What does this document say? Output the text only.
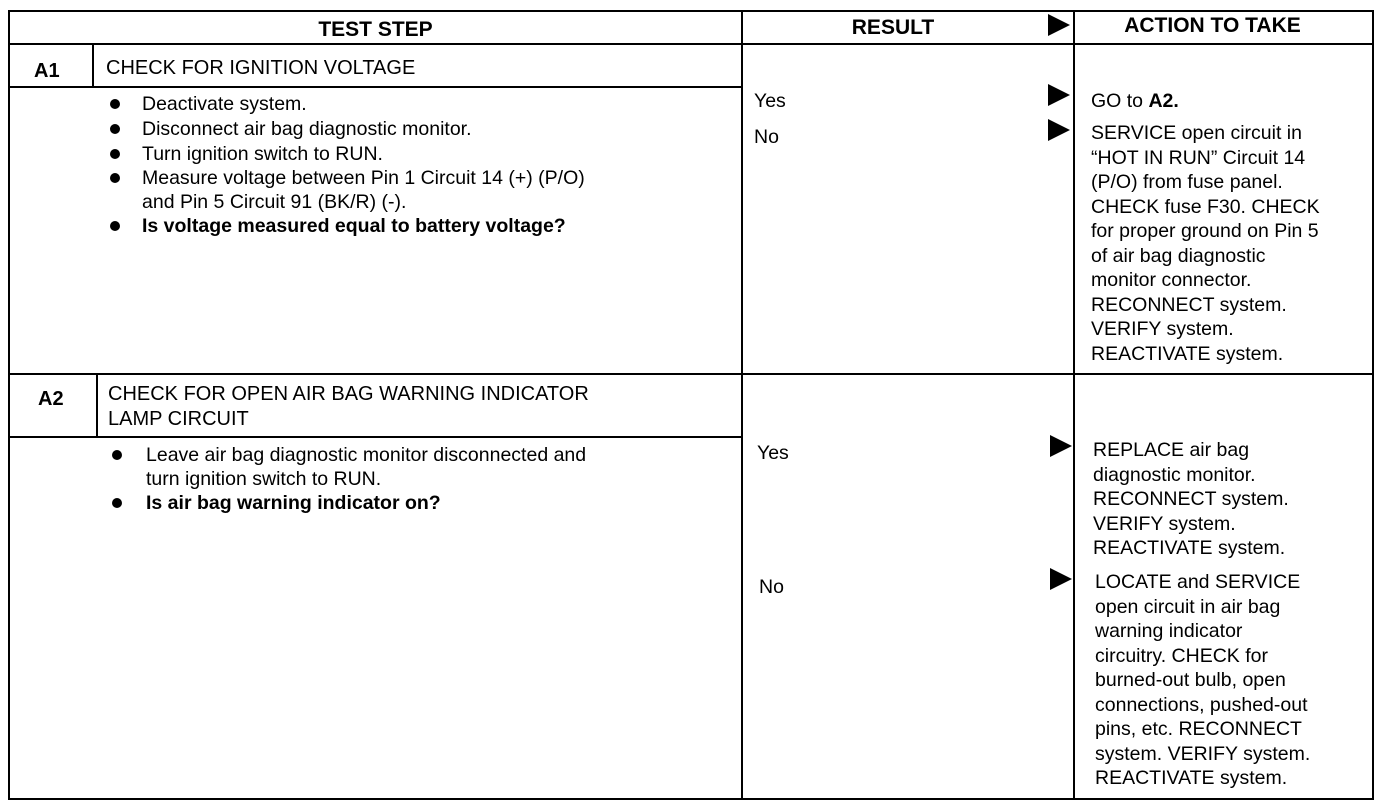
TEST STEP	RESULT	ACTION TO TAKE
A1 CHECK FOR IGNITION VOLTAGE
Deactivate system.
Disconnect air bag diagnostic monitor.
Turn ignition switch to RUN.
Measure voltage between Pin 1 Circuit 14 (+) (P/O)
and Pin 5 Circuit 91 (BK/R) (-).
Is voltage measured equal to battery voltage?
Yes	GO to A2.
No	SERVICE open circuit in
“HOT IN RUN” Circuit 14
(P/O) from fuse panel.
CHECK fuse F30. CHECK
for proper ground on Pin 5
of air bag diagnostic
monitor connector.
RECONNECT system.
VERIFY system.
REACTIVATE system.
A2 CHECK FOR OPEN AIR BAG WARNING INDICATOR
LAMP CIRCUIT
Leave air bag diagnostic monitor disconnected and
turn ignition switch to RUN.
Is air bag warning indicator on?
Yes	REPLACE air bag
diagnostic monitor.
RECONNECT system.
VERIFY system.
REACTIVATE system.
No	LOCATE and SERVICE
open circuit in air bag
warning indicator
circuitry. CHECK for
burned-out bulb, open
connections, pushed-out
pins, etc. RECONNECT
system. VERIFY system.
REACTIVATE system.
